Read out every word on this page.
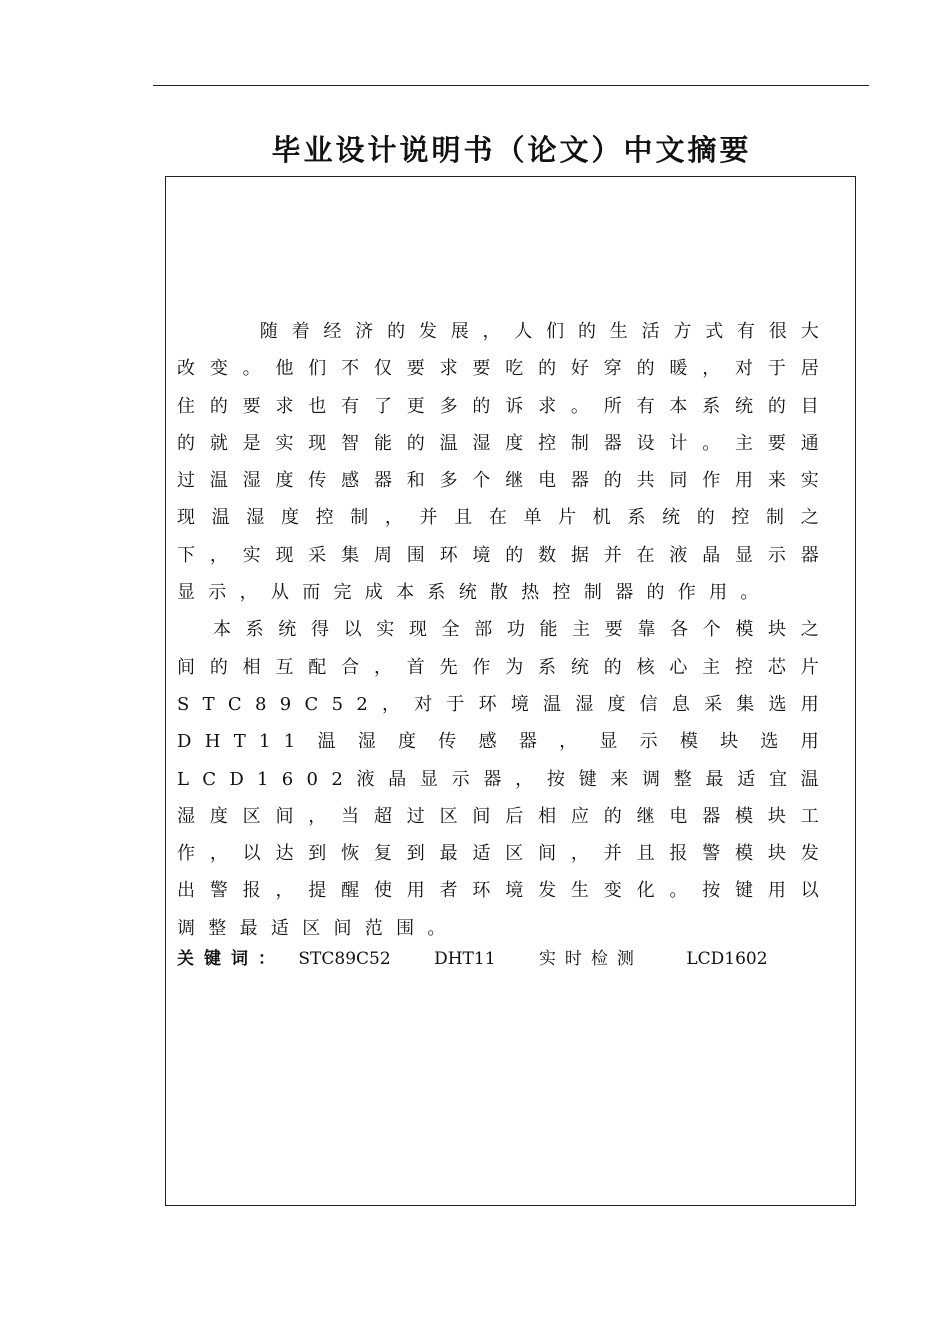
毕业设计说明书（论文）中文摘要

随着经济的发展，人们的生活方式有很大改变。他们不仅要求要吃的好穿的暖，对于居住的要求也有了更多的诉求。所有本系统的目的就是实现智能的温湿度控制器设计。主要通过温湿度传感器和多个继电器的共同作用来实现温湿度控制，并且在单片机系统的控制之下，实现采集周围环境的数据并在液晶显示器显示，从而完成本系统散热控制器的作用。

本系统得以实现全部功能主要靠各个模块之间的相互配合，首先作为系统的核心主控芯片STC89C52，对于环境温湿度信息采集选用DHT11温湿度传感器，显示模块选用LCD1602液晶显示器，按键来调整最适宜温湿度区间，当超过区间后相应的继电器模块工作，以达到恢复到最适区间，并且报警模块发出警报，提醒使用者环境发生变化。按键用以调整最适区间范围。

关键词： STC89C52	DHT11	实时检测	LCD1602
